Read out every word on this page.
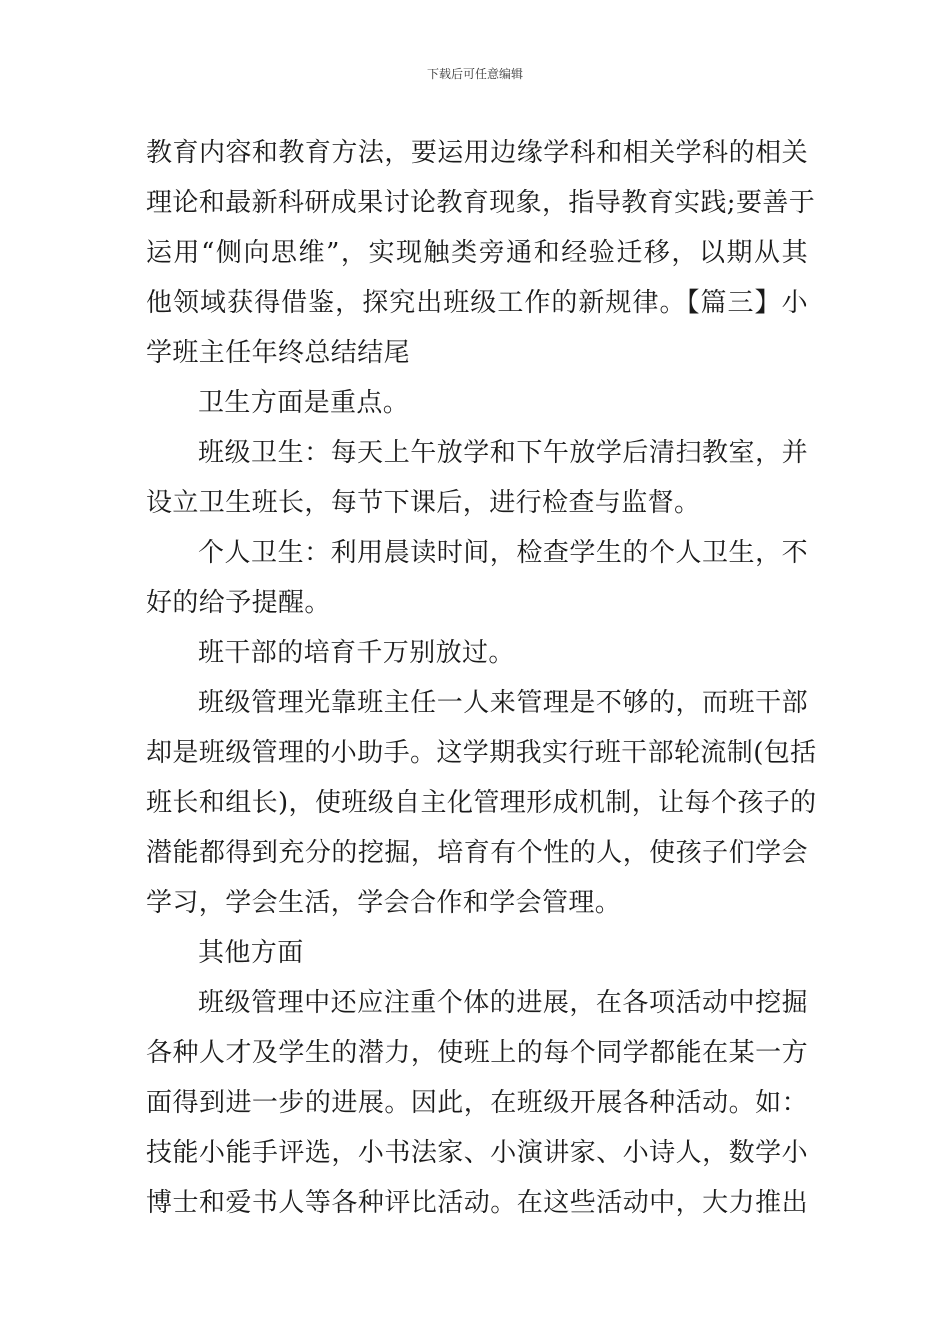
下载后可任意编辑
教育内容和教育方法，要运用边缘学科和相关学科的相关
理论和最新科研成果讨论教育现象，指导教育实践;要善于
运用“侧向思维”，实现触类旁通和经验迁移，以期从其
他领域获得借鉴，探究出班级工作的新规律。【篇三】小
学班主任年终总结结尾
卫生方面是重点。
班级卫生：每天上午放学和下午放学后清扫教室，并
设立卫生班长，每节下课后，进行检查与监督。
个人卫生：利用晨读时间，检查学生的个人卫生，不
好的给予提醒。
班干部的培育千万别放过。
班级管理光靠班主任一人来管理是不够的，而班干部
却是班级管理的小助手。这学期我实行班干部轮流制(包括
班长和组长)，使班级自主化管理形成机制，让每个孩子的
潜能都得到充分的挖掘，培育有个性的人，使孩子们学会
学习，学会生活，学会合作和学会管理。
其他方面
班级管理中还应注重个体的进展，在各项活动中挖掘
各种人才及学生的潜力，使班上的每个同学都能在某一方
面得到进一步的进展。因此，在班级开展各种活动。如：
技能小能手评选，小书法家、小演讲家、小诗人，数学小
博士和爱书人等各种评比活动。在这些活动中，大力推出
